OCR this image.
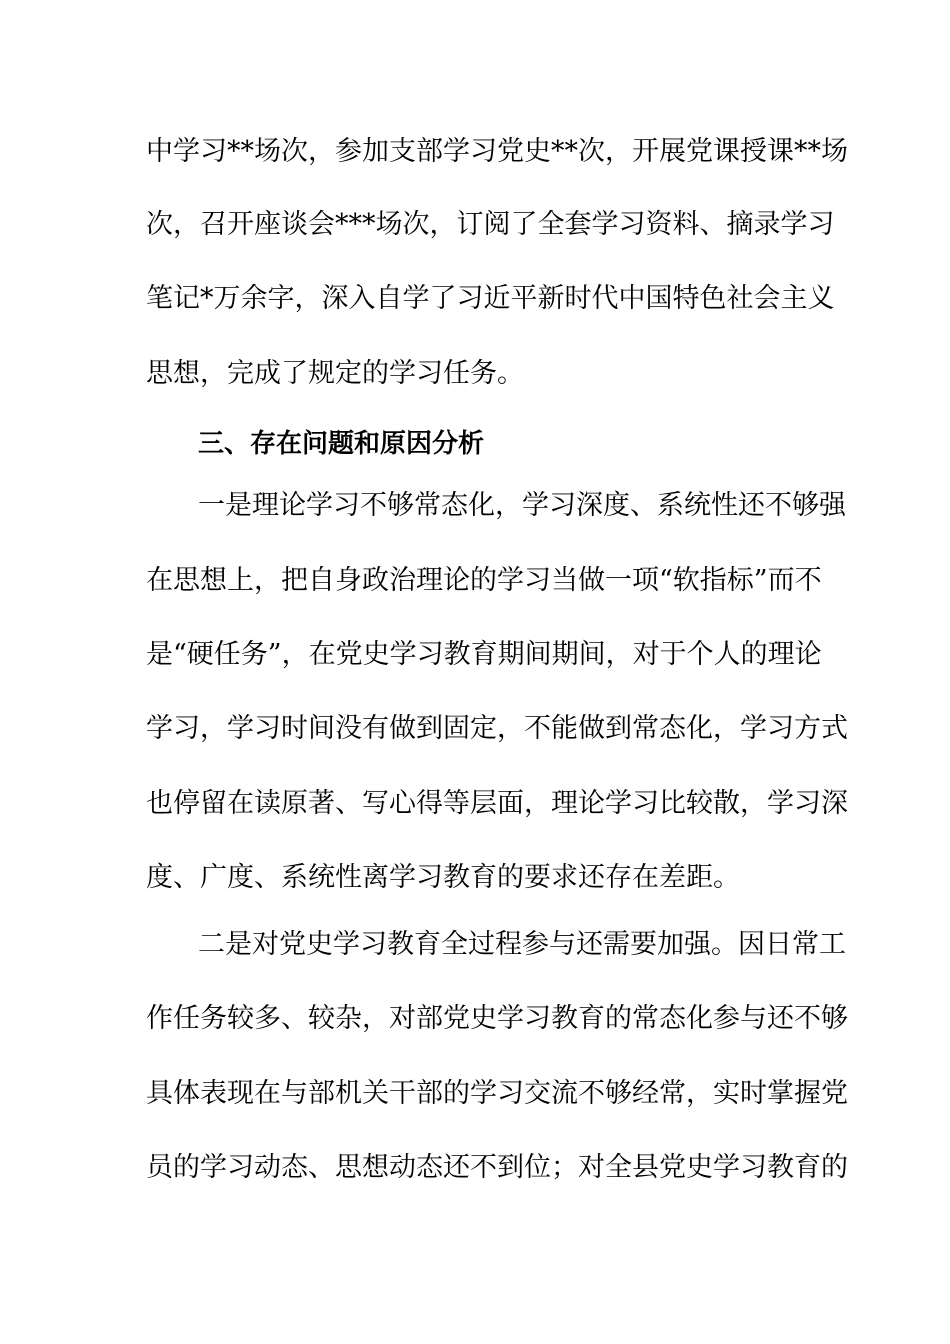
中学习**场次，参加支部学习党史**次，开展党课授课**场
次，召开座谈会***场次，订阅了全套学习资料、摘录学习
笔记*万余字，深入自学了习近平新时代中国特色社会主义
思想，完成了规定的学习任务。
三、存在问题和原因分析
一是理论学习不够常态化，学习深度、系统性还不够强
在思想上，把自身政治理论的学习当做一项“软指标”而不
是“硬任务”，在党史学习教育期间期间，对于个人的理论
学习，学习时间没有做到固定，不能做到常态化，学习方式
也停留在读原著、写心得等层面，理论学习比较散，学习深
度、广度、系统性离学习教育的要求还存在差距。
二是对党史学习教育全过程参与还需要加强。因日常工
作任务较多、较杂，对部党史学习教育的常态化参与还不够
具体表现在与部机关干部的学习交流不够经常，实时掌握党
员的学习动态、思想动态还不到位；对全县党史学习教育的
